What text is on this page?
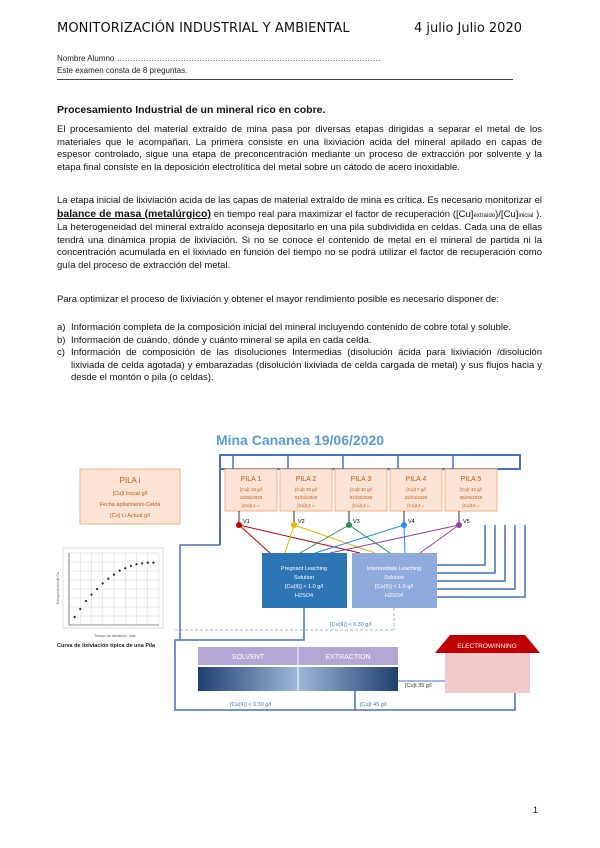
MONITORIZACIÓN INDUSTRIAL Y AMBIENTAL	4 julio Julio 2020
Nombre Alumno ………………………………………………………………………………………
Este examen consta de 8 preguntas.
Procesamiento Industrial de un mineral rico en cobre.
El procesamiento del material extraído de mina pasa por diversas etapas dirigidas a separar el metal de los materiales que le acompañan. La primera consiste en una lixiviación acida del mineral apilado en capas de espesor controlado, sigue una etapa de preconcentración mediante un proceso de extracción por solvente y la etapa final consiste en la deposición electrolítica del metal sobre un cátodo de acero inoxidable.
La etapa inicial de lixiviación acida de las capas de material extraído de mina es crítica. Es necesario monitorizar el balance de masa (metalúrgico) en tiempo real para maximizar el factor de recuperación ([Cu]extraído)/[Cu]inicial ). La heterogeneidad del mineral extraído aconseja depositarlo en una pila subdividida en celdas. Cada una de ellas tendrá una dinámica propia de lixiviación. Si no se conoce el contenido de metal en el mineral de partida ni la concentración acumulada en el lixiviado en función del tiempo no se podrá utilizar el factor de recuperación como guía del proceso de extracción del metal.
Para optimizar el proceso de lixiviación y obtener el mayor rendimiento posible es necesario disponer de:
a) Información completa de la composición inicial del mineral incluyendo contenido de cobre total y soluble.
b) Información de cuándo, dónde y cuánto mineral se apila en cada celda.
c) Información de composición de las disoluciones Intermedias (disolución ácida para lixiviación /disolución lixiviada de celda agotada) y embarazadas (disolución lixiviada de celda cargada de metal) y sus flujos hacia y desde el montón o pila (o celdas).
Mina Cananea 19/06/2020
PILA i
[Cu]t Inicial g/l
Fecha apilamiento Celda
[Cu] t,i Actual g/l
PILA 1
[Cu]t 19 g/l
18/05/2020
[Cu]t,1 =
PILA 2
[Cu]t 29 g/l
01/04/2020
[Cu]t,2 =
PILA 3
[Cu]t 30 g/l
01/03/2020
[Cu]t,3 =
PILA 4
[Cu]t 7 g/l
22/04/2020
[Cu]t,4 =
PILA 5
[Cu]t 43 g/l
05/05/2020
[Cu]t,5 =
V1	V2	V3	V4	V5
Pregnant Leaching
Solution
[Cu(II)] > 1.0 g/l
H2SO4
Intermediate Leaching
Solution
[Cu(II)] < 1.0 g/l
H2SO4
[Cu(II)] < 0.30 g/l
SOLVENT	EXTRACTION
ELECTROWINNING
[Cu]t 35 g/l
[Cu(II)] < 0.30 g/l	[Cu]t 45 g/l
Tiempo de lixiviación, días
Recuperación de Cu
Curva de lixiviación típica de una Pila
1
